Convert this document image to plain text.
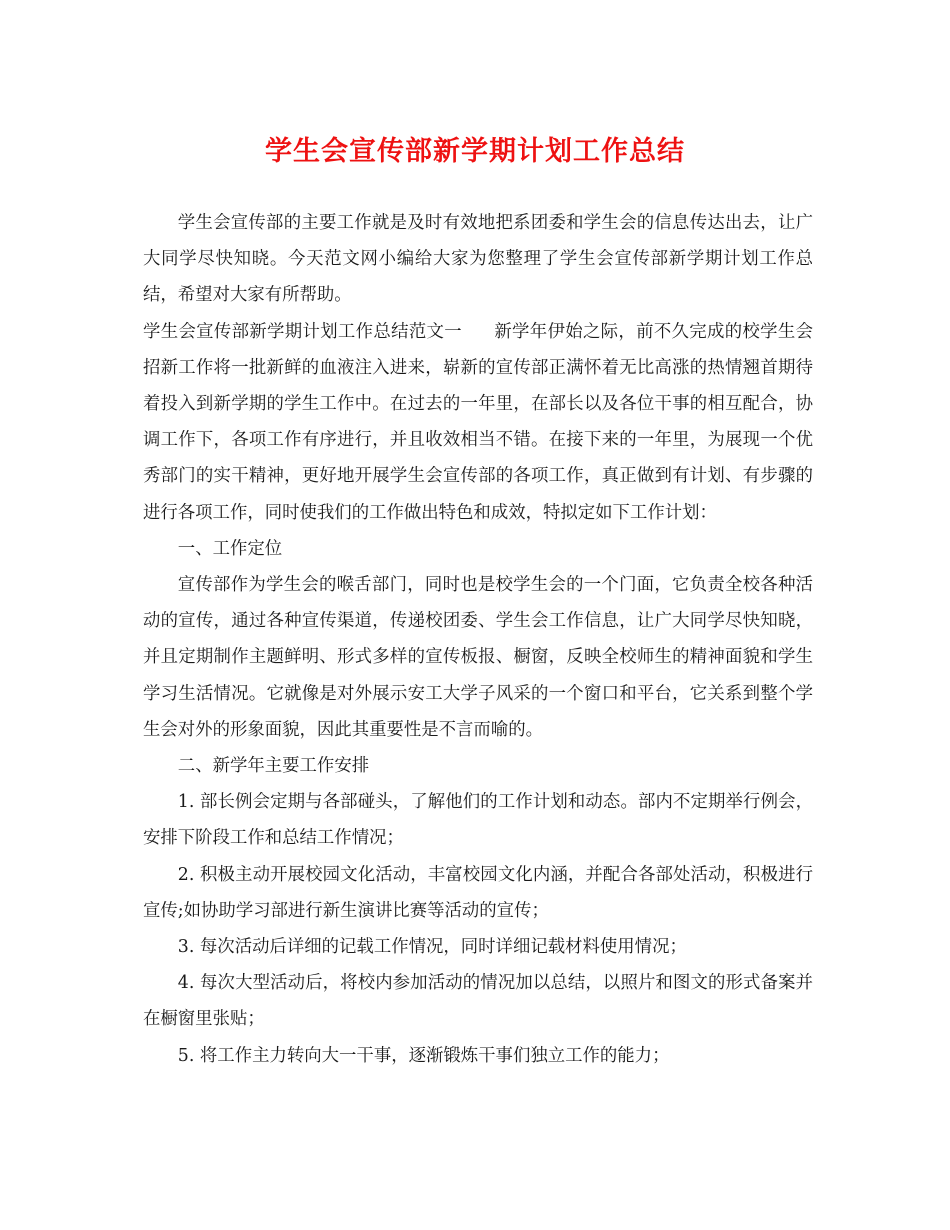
学生会宣传部新学期计划工作总结

学生会宣传部的主要工作就是及时有效地把系团委和学生会的信息传达出去，让广大同学尽快知晓。今天范文网小编给大家为您整理了学生会宣传部新学期计划工作总结，希望对大家有所帮助。

学生会宣传部新学期计划工作总结范文一 新学年伊始之际，前不久完成的校学生会招新工作将一批新鲜的血液注入进来，崭新的宣传部正满怀着无比高涨的热情翘首期待着投入到新学期的学生工作中。在过去的一年里，在部长以及各位干事的相互配合，协调工作下，各项工作有序进行，并且收效相当不错。在接下来的一年里，为展现一个优秀部门的实干精神，更好地开展学生会宣传部的各项工作，真正做到有计划、有步骤的进行各项工作，同时使我们的工作做出特色和成效，特拟定如下工作计划：

一、工作定位

宣传部作为学生会的喉舌部门，同时也是校学生会的一个门面，它负责全校各种活动的宣传，通过各种宣传渠道，传递校团委、学生会工作信息，让广大同学尽快知晓，并且定期制作主题鲜明、形式多样的宣传板报、橱窗，反映全校师生的精神面貌和学生学习生活情况。它就像是对外展示安工大学子风采的一个窗口和平台，它关系到整个学生会对外的形象面貌，因此其重要性是不言而喻的。

二、新学年主要工作安排

1. 部长例会定期与各部碰头，了解他们的工作计划和动态。部内不定期举行例会，安排下阶段工作和总结工作情况；

2. 积极主动开展校园文化活动，丰富校园文化内涵，并配合各部处活动，积极进行宣传;如协助学习部进行新生演讲比赛等活动的宣传；

3. 每次活动后详细的记载工作情况，同时详细记载材料使用情况；

4. 每次大型活动后，将校内参加活动的情况加以总结，以照片和图文的形式备案并在橱窗里张贴；

5. 将工作主力转向大一干事，逐渐锻炼干事们独立工作的能力；
